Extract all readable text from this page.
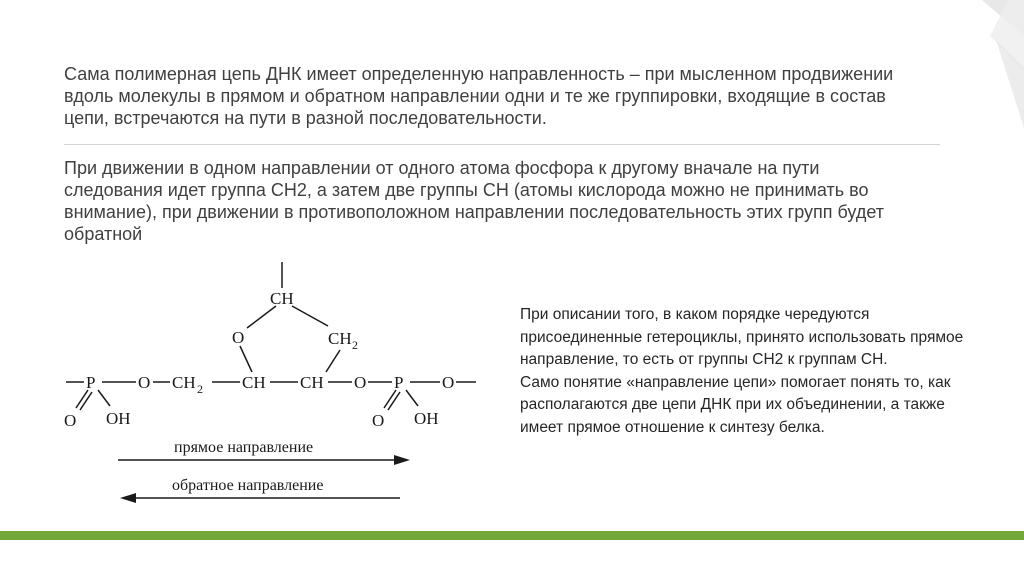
Сама полимерная цепь ДНК имеет определенную направленность – при мысленном продвижении вдоль молекулы в прямом и обратном направлении одни и те же группировки, входящие в состав цепи, встречаются на пути в разной последовательности.

При движении в одном направлении от одного атома фосфора к другому вначале на пути следования идет группа СН2, а затем две группы СН (атомы кислорода можно не принимать во внимание), при движении в противоположном направлении последовательность этих групп будет обратной

CH
O	CH 2
P	O CH 2 CH CH O P O
O OH	O OH
прямое направление
обратное направление
При описании того, в каком порядке чередуются присоединенные гетероциклы, принято использовать прямое направление, то есть от группы СН2 к группам СН.
Само понятие «направление цепи» помогает понять то, как располагаются две цепи ДНК при их объединении, а также имеет прямое отношение к синтезу белка.
